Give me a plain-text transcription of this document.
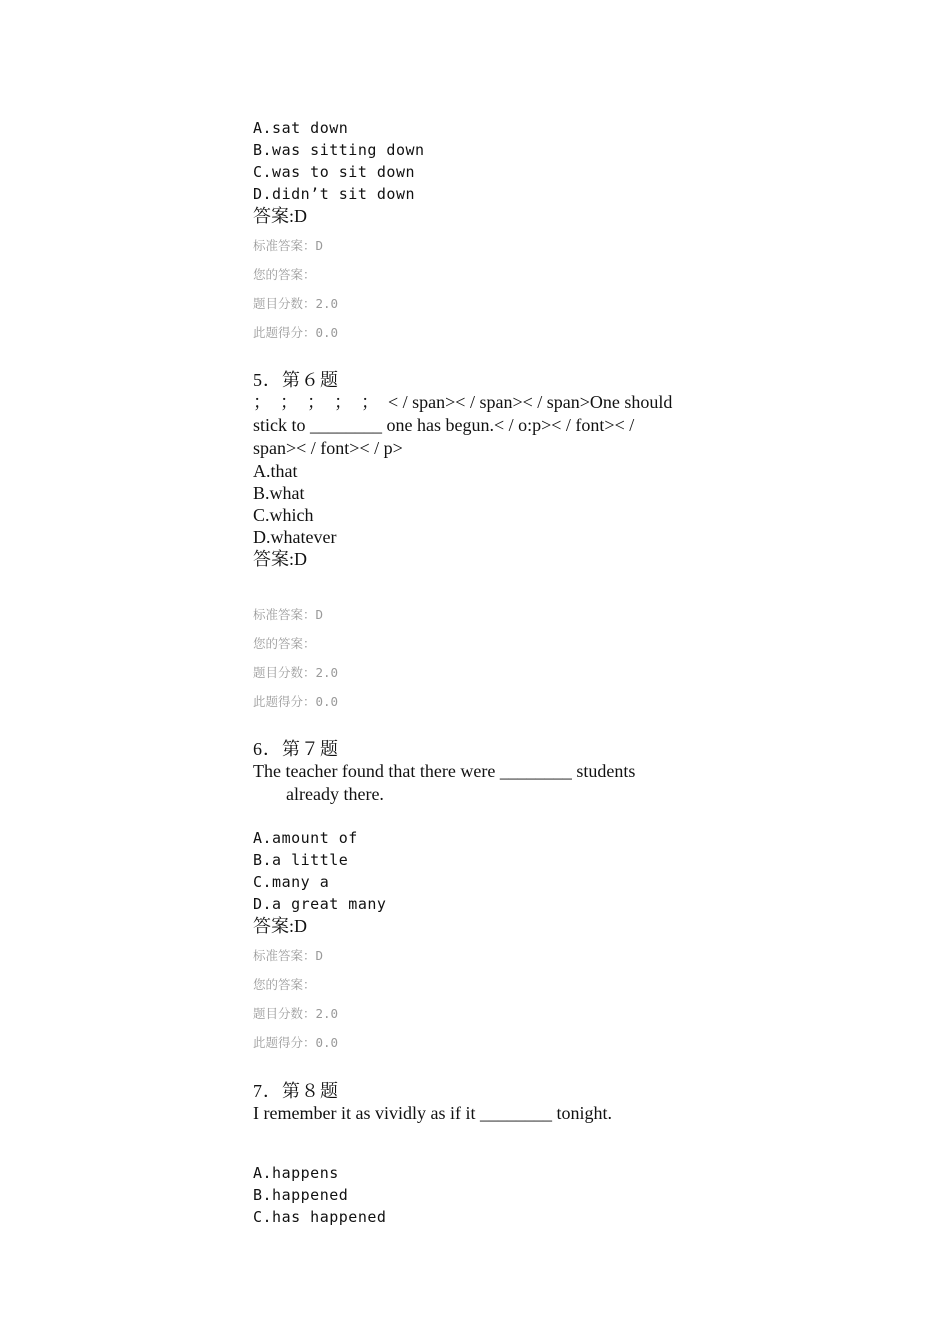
A.sat down
B.was sitting down
C.was to sit down
D.didn’t sit down
答案:D
标准答案：D
您的答案：
题目分数：2.0
此题得分：0.0
5．第６题
；　；　；　；　；　< / span>< / span>< / span>One should
stick to ________ one has begun.< / o:p>< / font>< /
span>< / font>< / p>
A.that
B.what
C.which
D.whatever
答案:D
标准答案：D
您的答案：
题目分数：2.0
此题得分：0.0
6．第７题
The teacher found that there were ________ students
already there.
A.amount of
B.a little
C.many a
D.a great many
答案:D
标准答案：D
您的答案：
题目分数：2.0
此题得分：0.0
7．第８题
I remember it as vividly as if it ________ tonight.
A.happens
B.happened
C.has happened
